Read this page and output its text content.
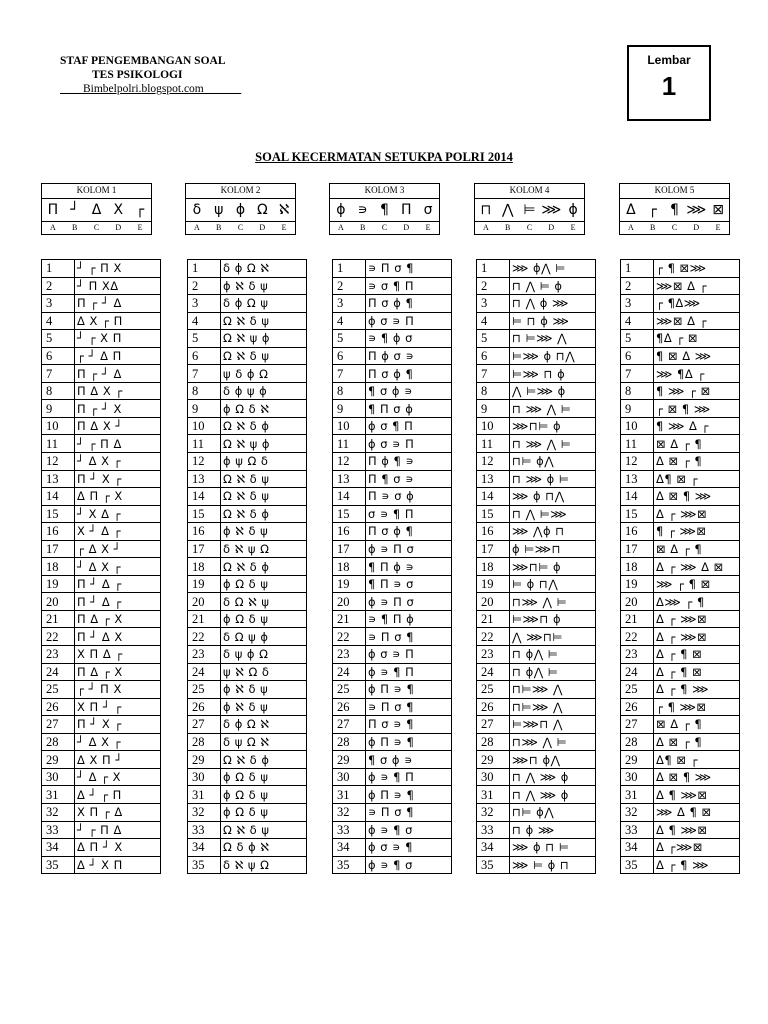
STAF PENGEMBANGAN SOAL
TES PSIKOLOGI
____Bimbelpolri.blogspot.com ______
Lembar
1
SOAL KECERMATAN SETUKPA POLRI 2014
KOLOM 1
Π ┘ Δ X ┌
A	B	C	D	E
1	┘ ┌ Π X
2	┘ Π XΔ
3	Π ┌ ┘ Δ
4	Δ X ┌ Π
5	┘ ┌ X Π
6	┌ ┘ Δ Π
7	Π ┌ ┘ Δ
8	Π Δ X ┌
9	Π ┌ ┘ X
10	Π Δ X ┘
11	┘ ┌ Π Δ
12	┘ Δ X ┌
13	Π ┘ X ┌
14	Δ Π ┌ X
15	┘ X Δ ┌
16	X ┘ Δ ┌
17	┌ Δ X ┘
18	┘ Δ X ┌
19	Π ┘ Δ ┌
20	Π ┘ Δ ┌
21	Π Δ ┌ X
22	Π ┘ Δ X
23	X Π Δ ┌
24	Π Δ ┌ X
25	┌ ┘ Π X
26	X Π ┘ ┌
27	Π ┘ X ┌
28	┘ Δ X ┌
29	Δ X Π ┘
30	┘ Δ ┌ X
31	Δ ┘ ┌ Π
32	X Π ┌ Δ
33	┘ ┌ Π Δ
34	Δ Π ┘ X
35	Δ ┘ X Π
KOLOM 2
δ ψ ϕ Ω ℵ
A	B	C	D	E
1	δ ϕ Ω ℵ
2	ϕ ℵ δ ψ
3	δ ϕ Ω ψ
4	Ω ℵ δ ψ
5	Ω ℵ ψ ϕ
6	Ω ℵ δ ψ
7	ψ δ ϕ Ω
8	δ ϕ ψ ϕ
9	ϕ Ω δ ℵ
10	Ω ℵ δ ϕ
11	Ω ℵ ψ ϕ
12	ϕ ψ Ω δ
13	Ω ℵ δ ψ
14	Ω ℵ δ ψ
15	Ω ℵ δ ϕ
16	ϕ ℵ δ ψ
17	δ ℵ ψ Ω
18	Ω ℵ δ ϕ
19	ϕ Ω δ ψ
20	δ Ω ℵ ψ
21	ϕ Ω δ ψ
22	δ Ω ψ ϕ
23	δ ψ ϕ Ω
24	ψ ℵ Ω δ
25	ϕ ℵ δ ψ
26	ϕ ℵ δ ψ
27	δ ϕ Ω ℵ
28	δ ψ Ω ℵ
29	Ω ℵ δ ϕ
30	ϕ Ω δ ψ
31	ϕ Ω δ ψ
32	ϕ Ω δ ψ
33	Ω ℵ δ ψ
34	Ω δ ϕ ℵ
35	δ ℵ ψ Ω
KOLOM 3
ϕ ∍ ¶ Π σ
A	B	C	D	E
1	∍ Π σ ¶
2	∍ σ ¶ Π
3	Π σ ϕ ¶
4	ϕ σ ∍ Π
5	∍ ¶ ϕ σ
6	Π ϕ σ ∍
7	Π σ ϕ ¶
8	¶ σ ϕ ∍
9	¶ Π σ ϕ
10	ϕ σ ¶ Π
11	ϕ σ ∍ Π
12	Π ϕ ¶ ∍
13	Π ¶ σ ∍
14	Π ∍ σ ϕ
15	σ ∍ ¶ Π
16	Π σ ϕ ¶
17	ϕ ∍ Π σ
18	¶ Π ϕ ∍
19	¶ Π ∍ σ
20	ϕ ∍ Π σ
21	∍ ¶ Π ϕ
22	∍ Π σ ¶
23	ϕ σ ∍ Π
24	ϕ ∍ ¶ Π
25	ϕ Π ∍ ¶
26	∍ Π σ ¶
27	Π σ ∍ ¶
28	ϕ Π ∍ ¶
29	¶ σ ϕ ∍
30	ϕ ∍ ¶ Π
31	ϕ Π ∍ ¶
32	∍ Π σ ¶
33	ϕ ∍ ¶ σ
34	ϕ σ ∍ ¶
35	ϕ ∍ ¶ σ
KOLOM 4
⊓ ⋀ ⊨ ⋙ ϕ
A	B	C	D	E
1	⋙ ϕ⋀ ⊨
2	⊓ ⋀ ⊨ ϕ
3	⊓ ⋀ ϕ ⋙
4	⊨ ⊓ ϕ ⋙
5	⊓ ⊨⋙ ⋀
6	⊨⋙ ϕ ⊓⋀
7	⊨⋙ ⊓ ϕ
8	⋀ ⊨⋙ ϕ
9	⊓ ⋙ ⋀ ⊨
10	⋙⊓⊨ ϕ
11	⊓ ⋙ ⋀ ⊨
12	⊓⊨ ϕ⋀
13	⊓ ⋙ ϕ ⊨
14	⋙ ϕ ⊓⋀
15	⊓ ⋀ ⊨⋙
16	⋙ ⋀ϕ ⊓
17	ϕ ⊨⋙⊓
18	⋙⊓⊨ ϕ
19	⊨ ϕ ⊓⋀
20	⊓⋙ ⋀ ⊨
21	⊨⋙⊓ ϕ
22	⋀ ⋙⊓⊨
23	⊓ ϕ⋀ ⊨
24	⊓ ϕ⋀ ⊨
25	⊓⊨⋙ ⋀
26	⊓⊨⋙ ⋀
27	⊨⋙⊓ ⋀
28	⊓⋙ ⋀ ⊨
29	⋙⊓ ϕ⋀
30	⊓ ⋀ ⋙ ϕ
31	⊓ ⋀ ⋙ ϕ
32	⊓⊨ ϕ⋀
33	⊓ ϕ ⋙
34	⋙ ϕ ⊓ ⊨
35	⋙ ⊨ ϕ ⊓
KOLOM 5
Δ ┌ ¶ ⋙ ⊠
A	B	C	D	E
1	┌ ¶ ⊠⋙
2	⋙⊠ Δ ┌
3	┌ ¶Δ⋙
4	⋙⊠ Δ ┌
5	¶Δ ┌ ⊠
6	¶ ⊠ Δ ⋙
7	⋙ ¶Δ ┌
8	¶ ⋙ ┌ ⊠
9	┌ ⊠ ¶ ⋙
10	¶ ⋙ Δ ┌
11	⊠ Δ ┌ ¶
12	Δ ⊠ ┌ ¶
13	Δ¶ ⊠ ┌
14	Δ ⊠ ¶ ⋙
15	Δ ┌ ⋙⊠
16	¶ ┌ ⋙⊠
17	⊠ Δ ┌ ¶
18	Δ ┌ ⋙ Δ ⊠
19	⋙ ┌ ¶ ⊠
20	Δ⋙ ┌ ¶
21	Δ ┌ ⋙⊠
22	Δ ┌ ⋙⊠
23	Δ ┌ ¶ ⊠
24	Δ ┌ ¶ ⊠
25	Δ ┌ ¶ ⋙
26	┌ ¶ ⋙⊠
27	⊠ Δ ┌ ¶
28	Δ ⊠ ┌ ¶
29	Δ¶ ⊠ ┌
30	Δ ⊠ ¶ ⋙
31	Δ ¶ ⋙⊠
32	⋙ Δ ¶ ⊠
33	Δ ¶ ⋙⊠
34	Δ ┌⋙⊠
35	Δ ┌ ¶ ⋙
